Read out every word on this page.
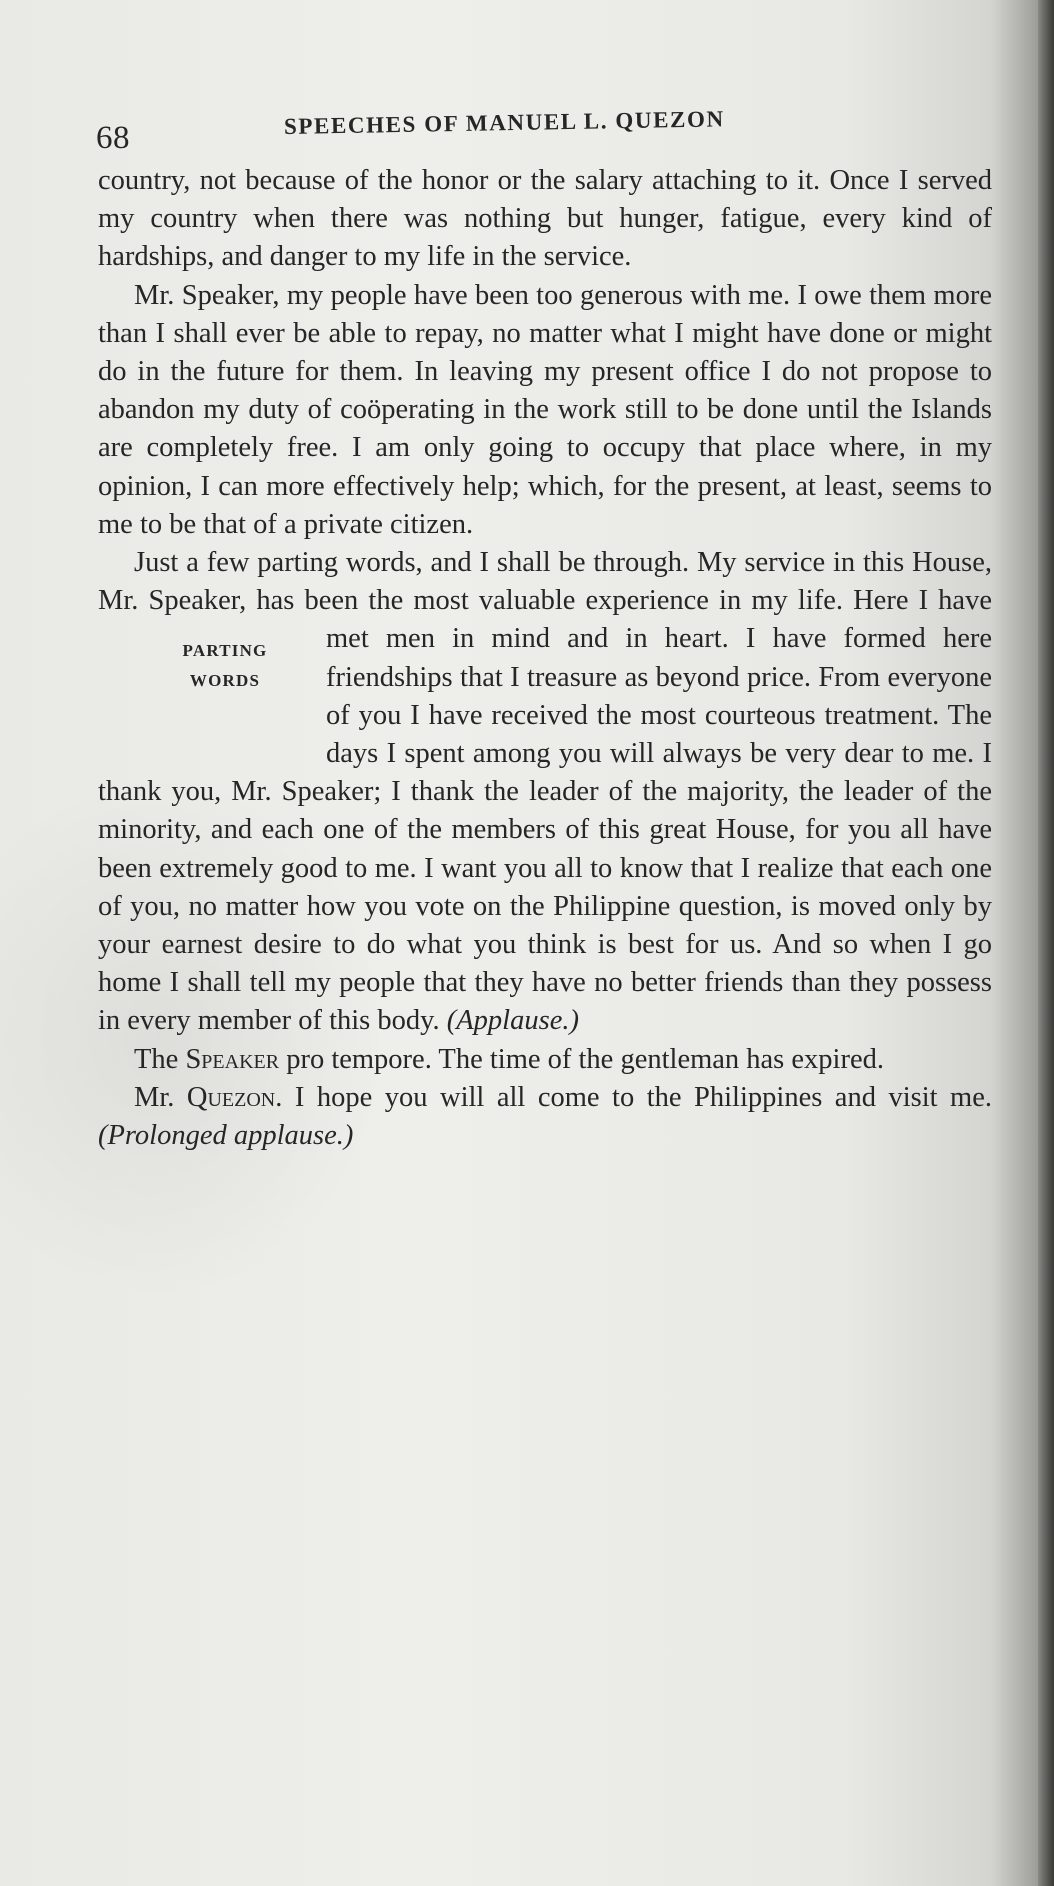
68	SPEECHES OF MANUEL L. QUEZON

country, not because of the honor or the salary attaching to it. Once I served my country when there was nothing but hunger, fatigue, every kind of hardships, and danger to my life in the service.

Mr. Speaker, my people have been too generous with me. I owe them more than I shall ever be able to repay, no matter what I might have done or might do in the future for them. In leaving my present office I do not propose to abandon my duty of coöperating in the work still to be done until the Islands are completely free. I am only going to occupy that place where, in my opinion, I can more effectively help; which, for the present, at least, seems to me to be that of a private citizen.

Just a few parting words, and I shall be through. My service in this House, Mr. Speaker, has been the most valuable experience in my life. Here I have met men in
PARTING
WORDS
mind and in heart. I have formed here friendships that I treasure as beyond price. From everyone of you I have received the most courteous treatment. The days I spent among you will always be very dear to me. I thank you, Mr. Speaker; I thank the leader of the majority, the leader of the minority, and each one of the members of this great House, for you all have been extremely good to me. I want you all to know that I realize that each one of you, no matter how you vote on the Philippine question, is moved only by your earnest desire to do what you think is best for us. And so when I go home I shall tell my people that they have no better friends than they possess in every member of this body. (Applause.)

The Speaker pro tempore. The time of the gentleman has expired.

Mr. Quezon. I hope you will all come to the Philippines and visit me. (Prolonged applause.)
